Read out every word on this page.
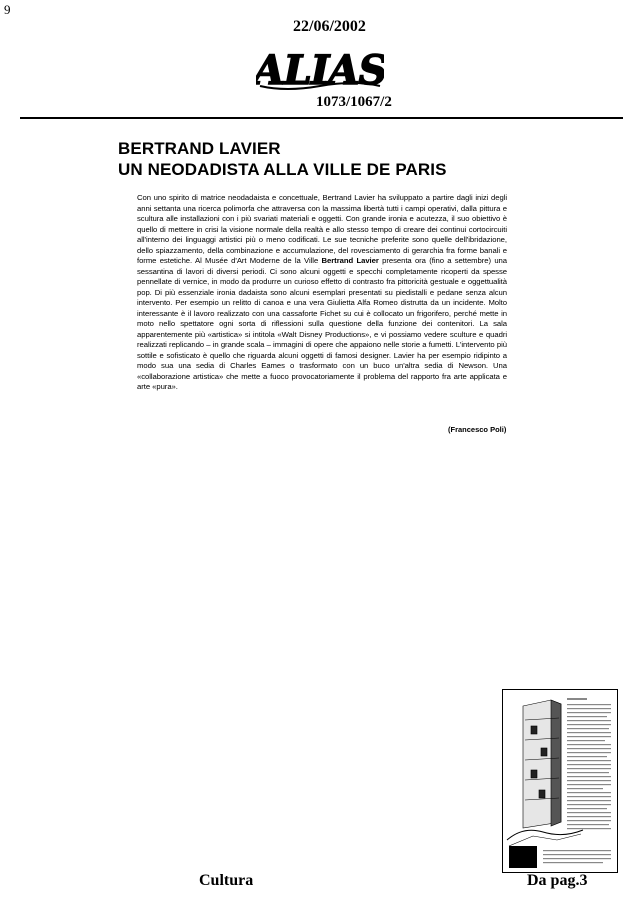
9
22/06/2002
ALIAS
1073/1067/2
BERTRAND LAVIER
UN NEODADISTA ALLA VILLE DE PARIS

Con uno spirito di matrice neodadaista e concettuale, Bertrand Lavier ha sviluppato a partire dagli inizi degli anni settanta una ricerca polimorfa che attraversa con la massima libertà tutti i campi operativi, dalla pittura e scultura alle installazioni con i più svariati materiali e oggetti. Con grande ironia e acutezza, il suo obiettivo è quello di mettere in crisi la visione normale della realtà e allo stesso tempo di creare dei continui cortocircuiti all'interno dei linguaggi artistici più o meno codificati. Le sue tecniche preferite sono quelle dell'ibridazione, dello spiazzamento, della combinazione e accumulazione, del rovesciamento di gerarchia fra forme banali e forme estetiche. Al Musée d'Art Moderne de la Ville Bertrand Lavier presenta ora (fino a settembre) una sessantina di lavori di diversi periodi. Ci sono alcuni oggetti e specchi completamente ricoperti da spesse pennellate di vernice, in modo da produrre un curioso effetto di contrasto fra pittoricità gestuale e oggettualità pop. Di più essenziale ironia dadaista sono alcuni esemplari presentati su piedistalli e pedane senza alcun intervento. Per esempio un relitto di canoa e una vera Giulietta Alfa Romeo distrutta da un incidente. Molto interessante è il lavoro realizzato con una cassaforte Fichet su cui è collocato un frigorifero, perché mette in moto nello spettatore ogni sorta di riflessioni sulla questione della funzione dei contenitori. La sala apparentemente più «artistica» si intitola «Walt Disney Productions», e vi possiamo vedere sculture e quadri realizzati replicando – in grande scala – immagini di opere che appaiono nelle storie a fumetti. L'intervento più sottile e sofisticato è quello che riguarda alcuni oggetti di famosi designer. Lavier ha per esempio ridipinto a modo sua una sedia di Charles Eames o trasformato con un buco un'altra sedia di Newson. Una «collaborazione artistica» che mette a fuoco provocatoriamente il problema del rapporto fra arte applicata e arte «pura».

(Francesco Poli)
Cultura	Da pag.3
